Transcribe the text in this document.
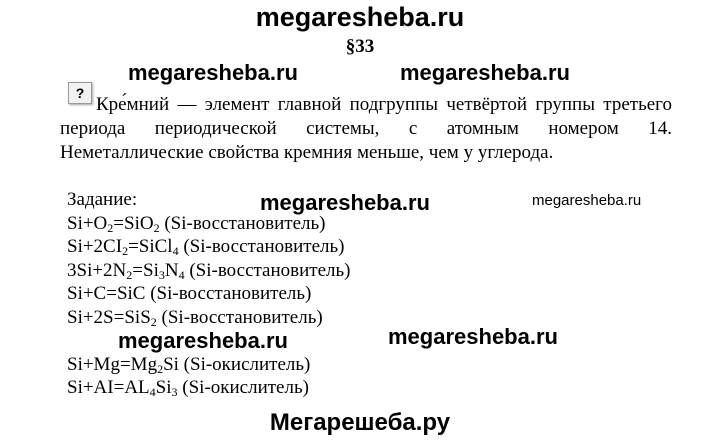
megaresheba.ru
§33
megaresheba.ru	megaresheba.ru
?

Кре́мний — элемент главной подгруппы четвёртой группы третьего периода периодической системы, с атомным номером 14. Неметаллические свойства кремния меньше, чем у углерода.

Задание:
$Si+O_2=SiO_2$ (Si-восстановитель)
$Si+2CI_2=SiCl_4$ (Si-восстановитель)
$3Si+2N_2=Si_3N_4$ (Si-восстановитель)
Si+C=SiC (Si-восстановитель)
Si+2S=SiS$_2$ (Si-восстановитель)
$Si+Mg=Mg_2Si$ (Si-окислитель)
$Si+AI=AL_4Si_3$ (Si-окислитель)
megaresheba.ru	megaresheba.ru
megaresheba.ru	megaresheba.ru
Мегарешеба.ру
